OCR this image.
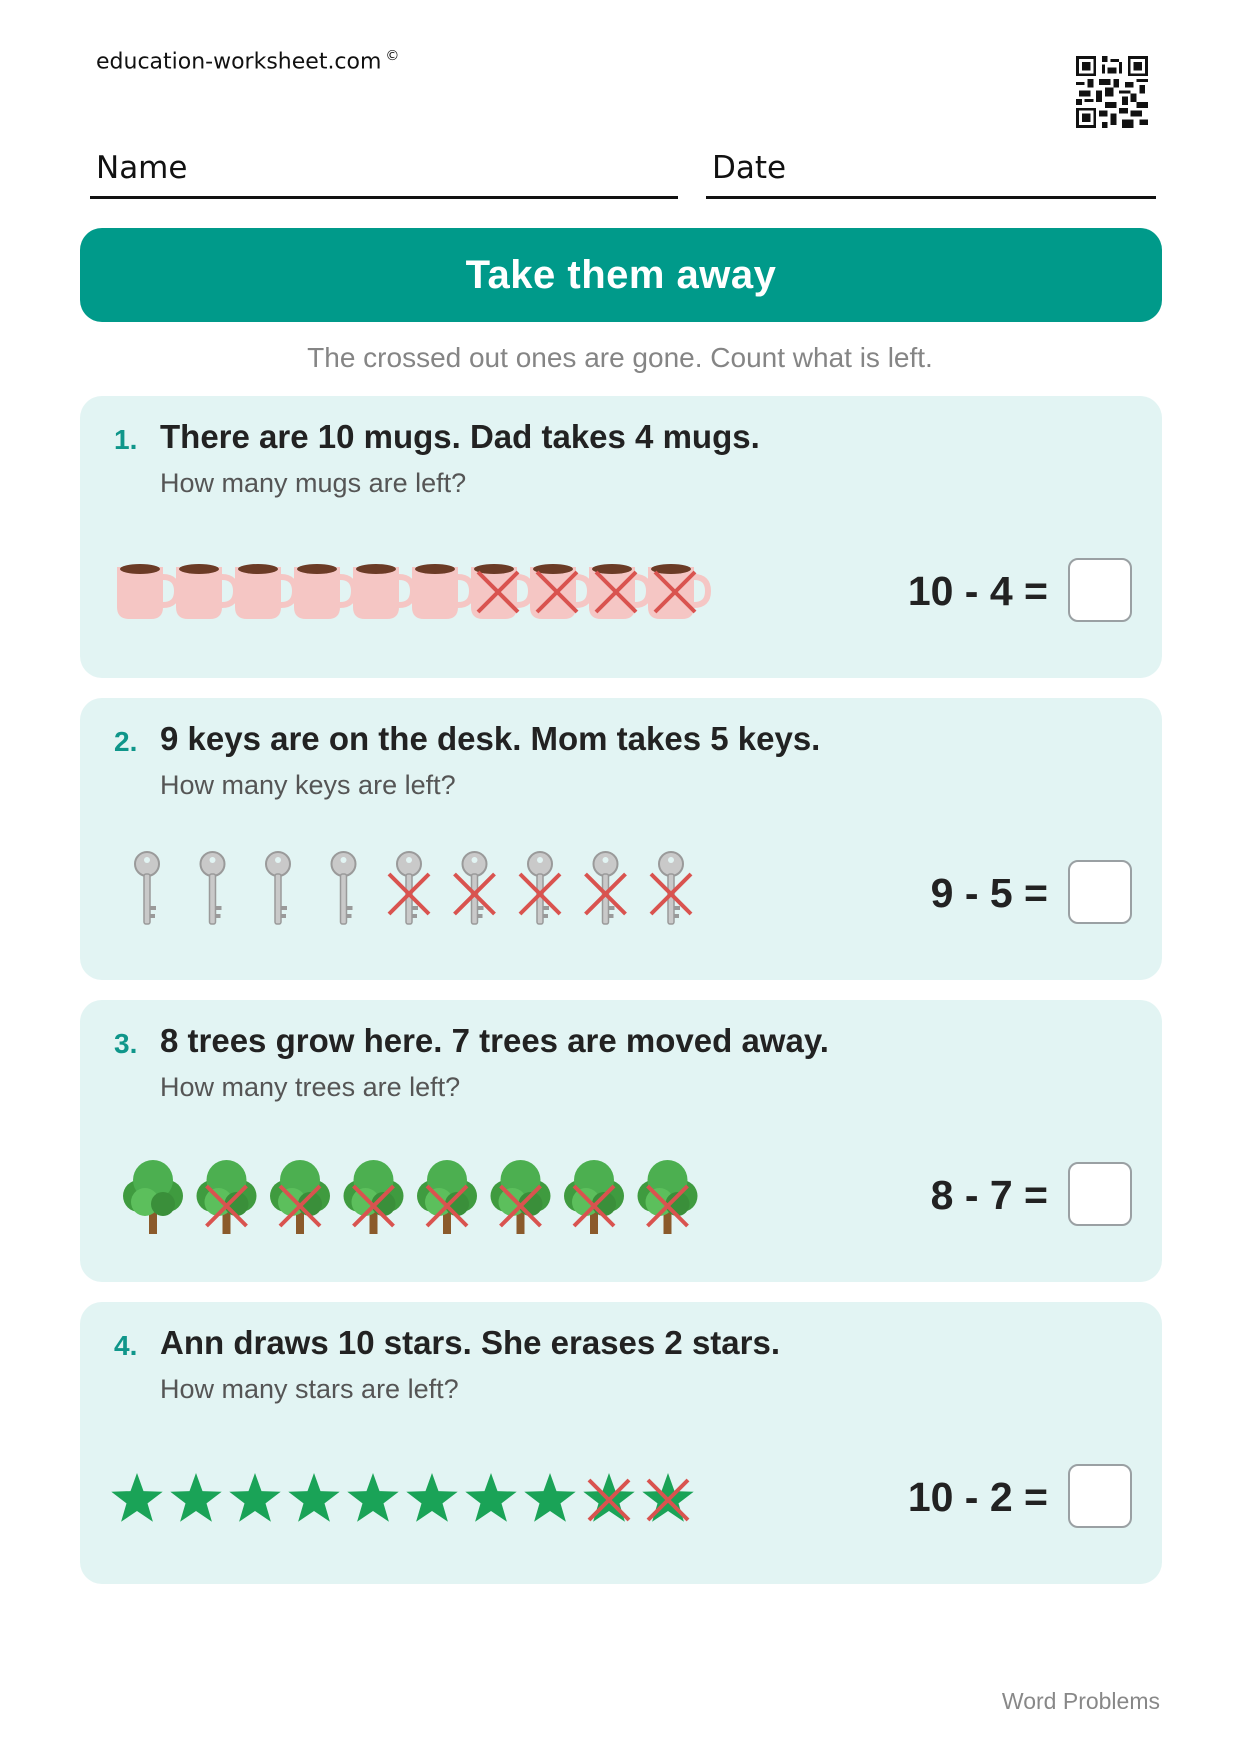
education-worksheet.com ©
Name	Date
Take them away
The crossed out ones are gone. Count what is left.
1. There are 10 mugs. Dad takes 4 mugs.
How many mugs are left?
10 - 4 =
2. 9 keys are on the desk. Mom takes 5 keys.
How many keys are left?
9 - 5 =
3. 8 trees grow here. 7 trees are moved away.
How many trees are left?
8 - 7 =
4. Ann draws 10 stars. She erases 2 stars.
How many stars are left?
10 - 2 =
Word Problems
